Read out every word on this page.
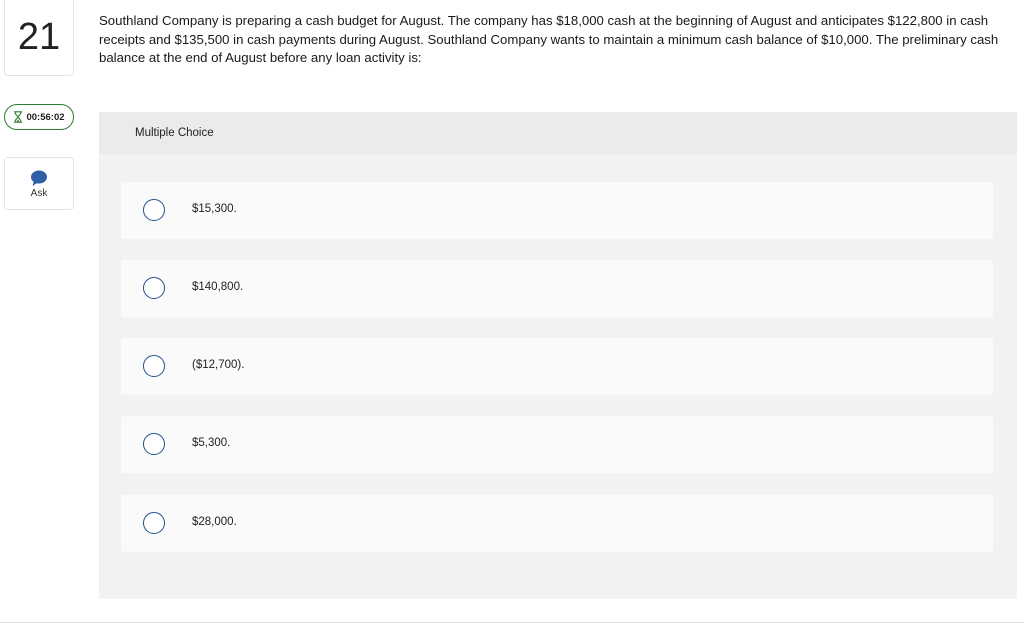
21
00:56:02
Ask
Southland Company is preparing a cash budget for August. The company has $18,000 cash at the beginning of August and anticipates $122,800 in cash receipts and $135,500 in cash payments during August. Southland Company wants to maintain a minimum cash balance of $10,000. The preliminary cash balance at the end of August before any loan activity is:
Multiple Choice
$15,300.
$140,800.
($12,700).
$5,300.
$28,000.
